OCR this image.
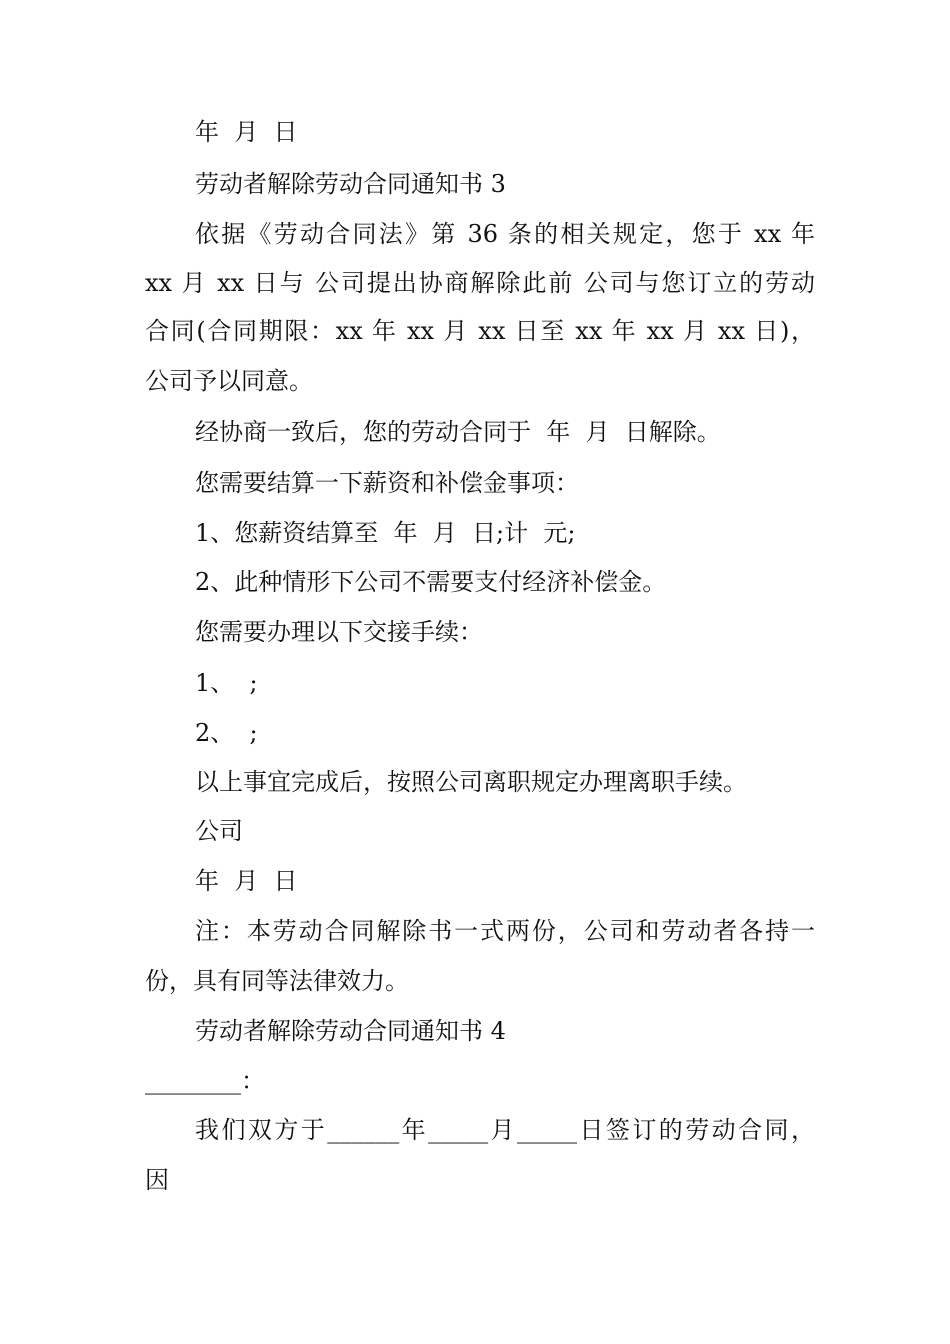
年  月  日
劳动者解除劳动合同通知书 3
依据《劳动合同法》第 36 条的相关规定，您于 xx 年
xx 月 xx 日与 公司提出协商解除此前 公司与您订立的劳动
合同(合同期限：xx 年 xx 月 xx 日至 xx 年 xx 月 xx 日)，
公司予以同意。
经协商一致后，您的劳动合同于  年  月  日解除。
您需要结算一下薪资和补偿金事项：
1、您薪资结算至  年  月  日;计  元;
2、此种情形下公司不需要支付经济补偿金。
您需要办理以下交接手续：
1、  ;
2、  ;
以上事宜完成后，按照公司离职规定办理离职手续。
公司
年  月  日
注：本劳动合同解除书一式两份，公司和劳动者各持一
份，具有同等法律效力。
劳动者解除劳动合同通知书 4
________：
我们双方于______年_____月_____日签订的劳动合同，
因
